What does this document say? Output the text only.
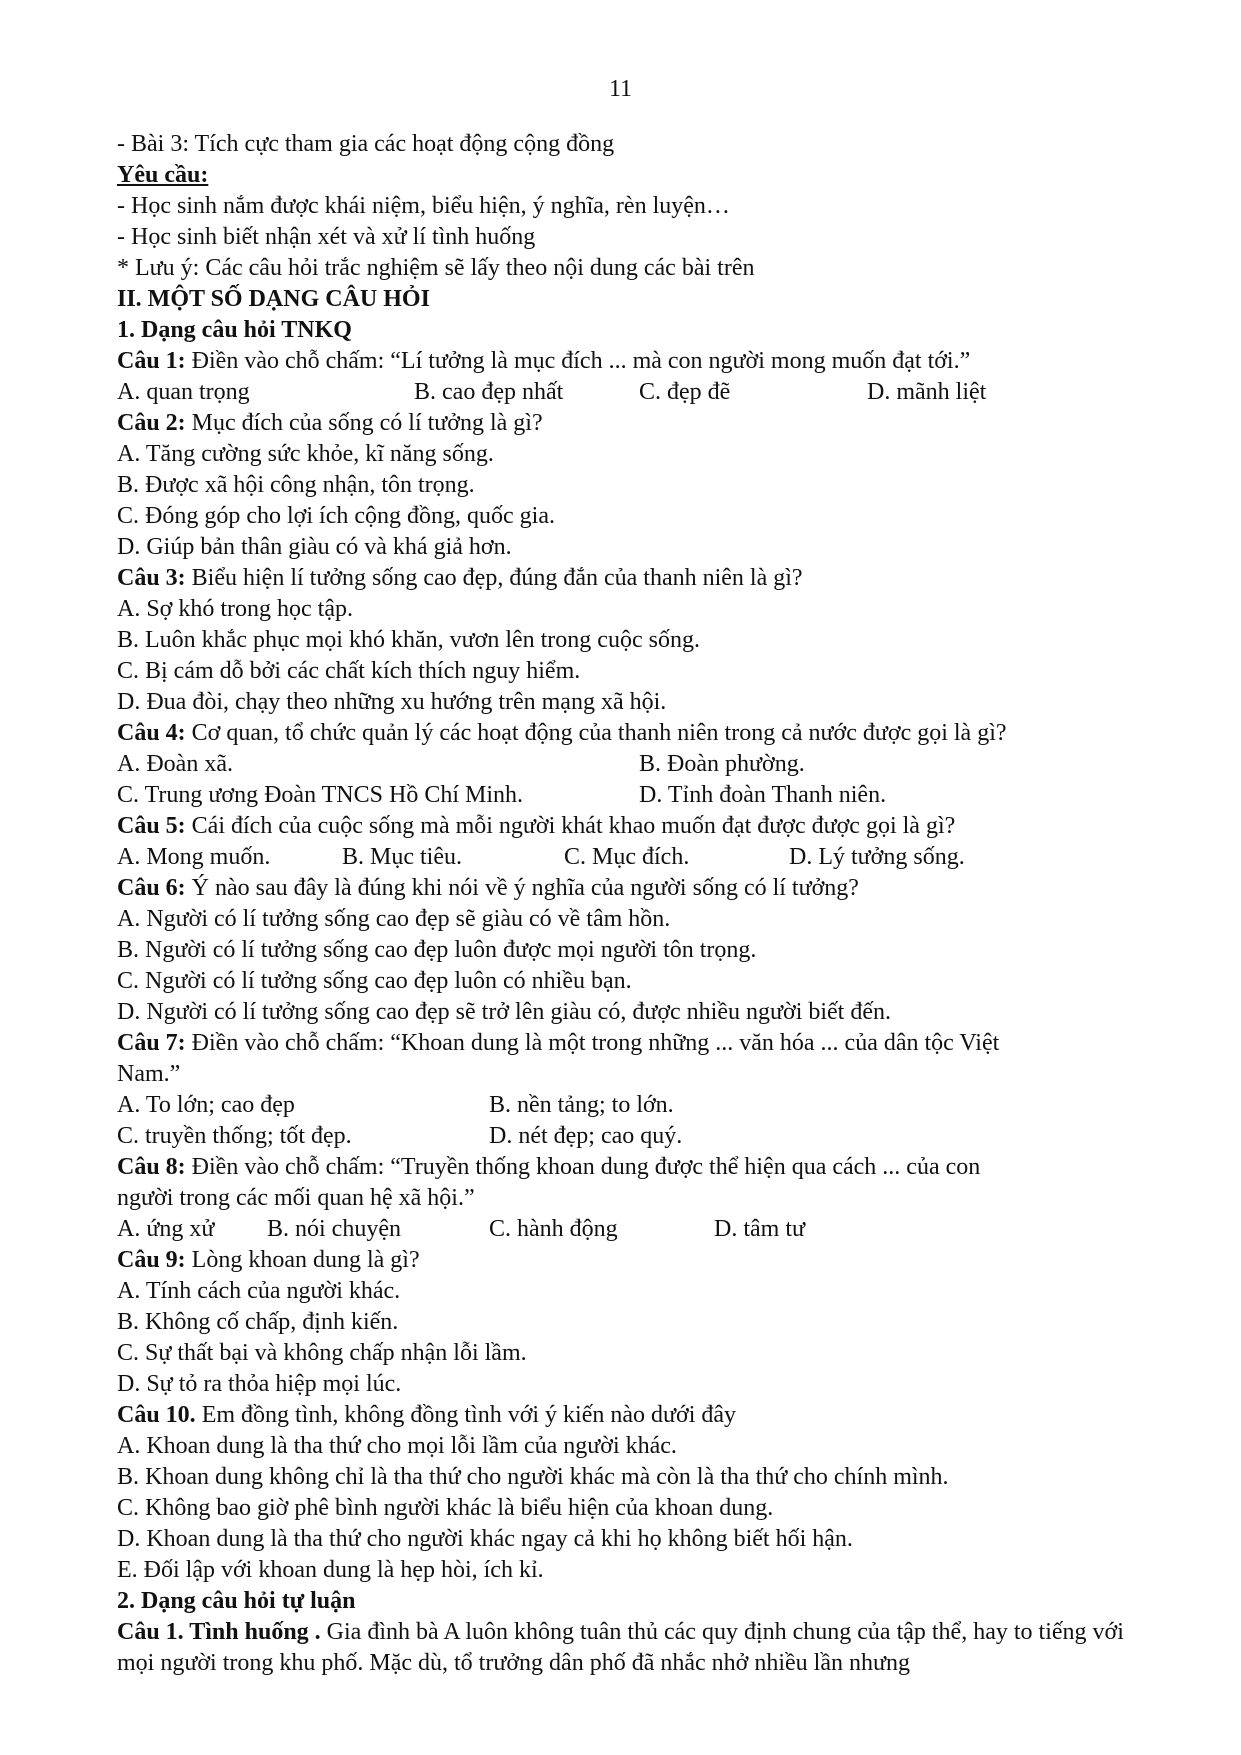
11
- Bài 3: Tích cực tham gia các hoạt động cộng đồng
Yêu cầu:
- Học sinh nắm được khái niệm, biểu hiện, ý nghĩa, rèn luyện…
- Học sinh biết nhận xét và xử lí tình huống
* Lưu ý: Các câu hỏi trắc nghiệm sẽ lấy theo nội dung các bài trên
II. MỘT SỐ DẠNG CÂU HỎI
1. Dạng câu hỏi TNKQ
Câu 1: Điền vào chỗ chấm: “Lí tưởng là mục đích ... mà con người mong muốn đạt tới.”
A. quan trọng	B. cao đẹp nhất	C. đẹp đẽ	D. mãnh liệt
Câu 2: Mục đích của sống có lí tưởng là gì?
A. Tăng cường sức khỏe, kĩ năng sống.
B. Được xã hội công nhận, tôn trọng.
C. Đóng góp cho lợi ích cộng đồng, quốc gia.
D. Giúp bản thân giàu có và khá giả hơn.
Câu 3: Biểu hiện lí tưởng sống cao đẹp, đúng đắn của thanh niên là gì?
A. Sợ khó trong học tập.
B. Luôn khắc phục mọi khó khăn, vươn lên trong cuộc sống.
C. Bị cám dỗ bởi các chất kích thích nguy hiểm.
D. Đua đòi, chạy theo những xu hướng trên mạng xã hội.
Câu 4: Cơ quan, tổ chức quản lý các hoạt động của thanh niên trong cả nước được gọi là gì?
A. Đoàn xã.	B. Đoàn phường.
C. Trung ương Đoàn TNCS Hồ Chí Minh.	D. Tỉnh đoàn Thanh niên.
Câu 5: Cái đích của cuộc sống mà mỗi người khát khao muốn đạt được được gọi là gì?
A. Mong muốn.	B. Mục tiêu.	C. Mục đích.	D. Lý tưởng sống.
Câu 6: Ý nào sau đây là đúng khi nói về ý nghĩa của người sống có lí tưởng?
A. Người có lí tưởng sống cao đẹp sẽ giàu có về tâm hồn.
B. Người có lí tưởng sống cao đẹp luôn được mọi người tôn trọng.
C. Người có lí tưởng sống cao đẹp luôn có nhiều bạn.
D. Người có lí tưởng sống cao đẹp sẽ trở lên giàu có, được nhiều người biết đến.
Câu 7: Điền vào chỗ chấm: “Khoan dung là một trong những ... văn hóa ... của dân tộc Việt
Nam.”
A. To lớn; cao đẹp	B. nền tảng; to lớn.
C. truyền thống; tốt đẹp.	D. nét đẹp; cao quý.
Câu 8: Điền vào chỗ chấm: “Truyền thống khoan dung được thể hiện qua cách ... của con
người trong các mối quan hệ xã hội.”
A. ứng xử B. nói chuyện	C. hành động	D. tâm tư
Câu 9: Lòng khoan dung là gì?
A. Tính cách của người khác.
B. Không cố chấp, định kiến.
C. Sự thất bại và không chấp nhận lỗi lầm.
D. Sự tỏ ra thỏa hiệp mọi lúc.
Câu 10. Em đồng tình, không đồng tình với ý kiến nào dưới đây
A. Khoan dung là tha thứ cho mọi lỗi lầm của người khác.
B. Khoan dung không chỉ là tha thứ cho người khác mà còn là tha thứ cho chính mình.
C. Không bao giờ phê bình người khác là biểu hiện của khoan dung.
D. Khoan dung là tha thứ cho người khác ngay cả khi họ không biết hối hận.
E. Đối lập với khoan dung là hẹp hòi, ích kỉ.
2. Dạng câu hỏi tự luận
Câu 1. Tình huống . Gia đình bà A luôn không tuân thủ các quy định chung của tập thể, hay to tiếng với mọi người trong khu phố. Mặc dù, tổ trưởng dân phố đã nhắc nhở nhiều lần nhưng
